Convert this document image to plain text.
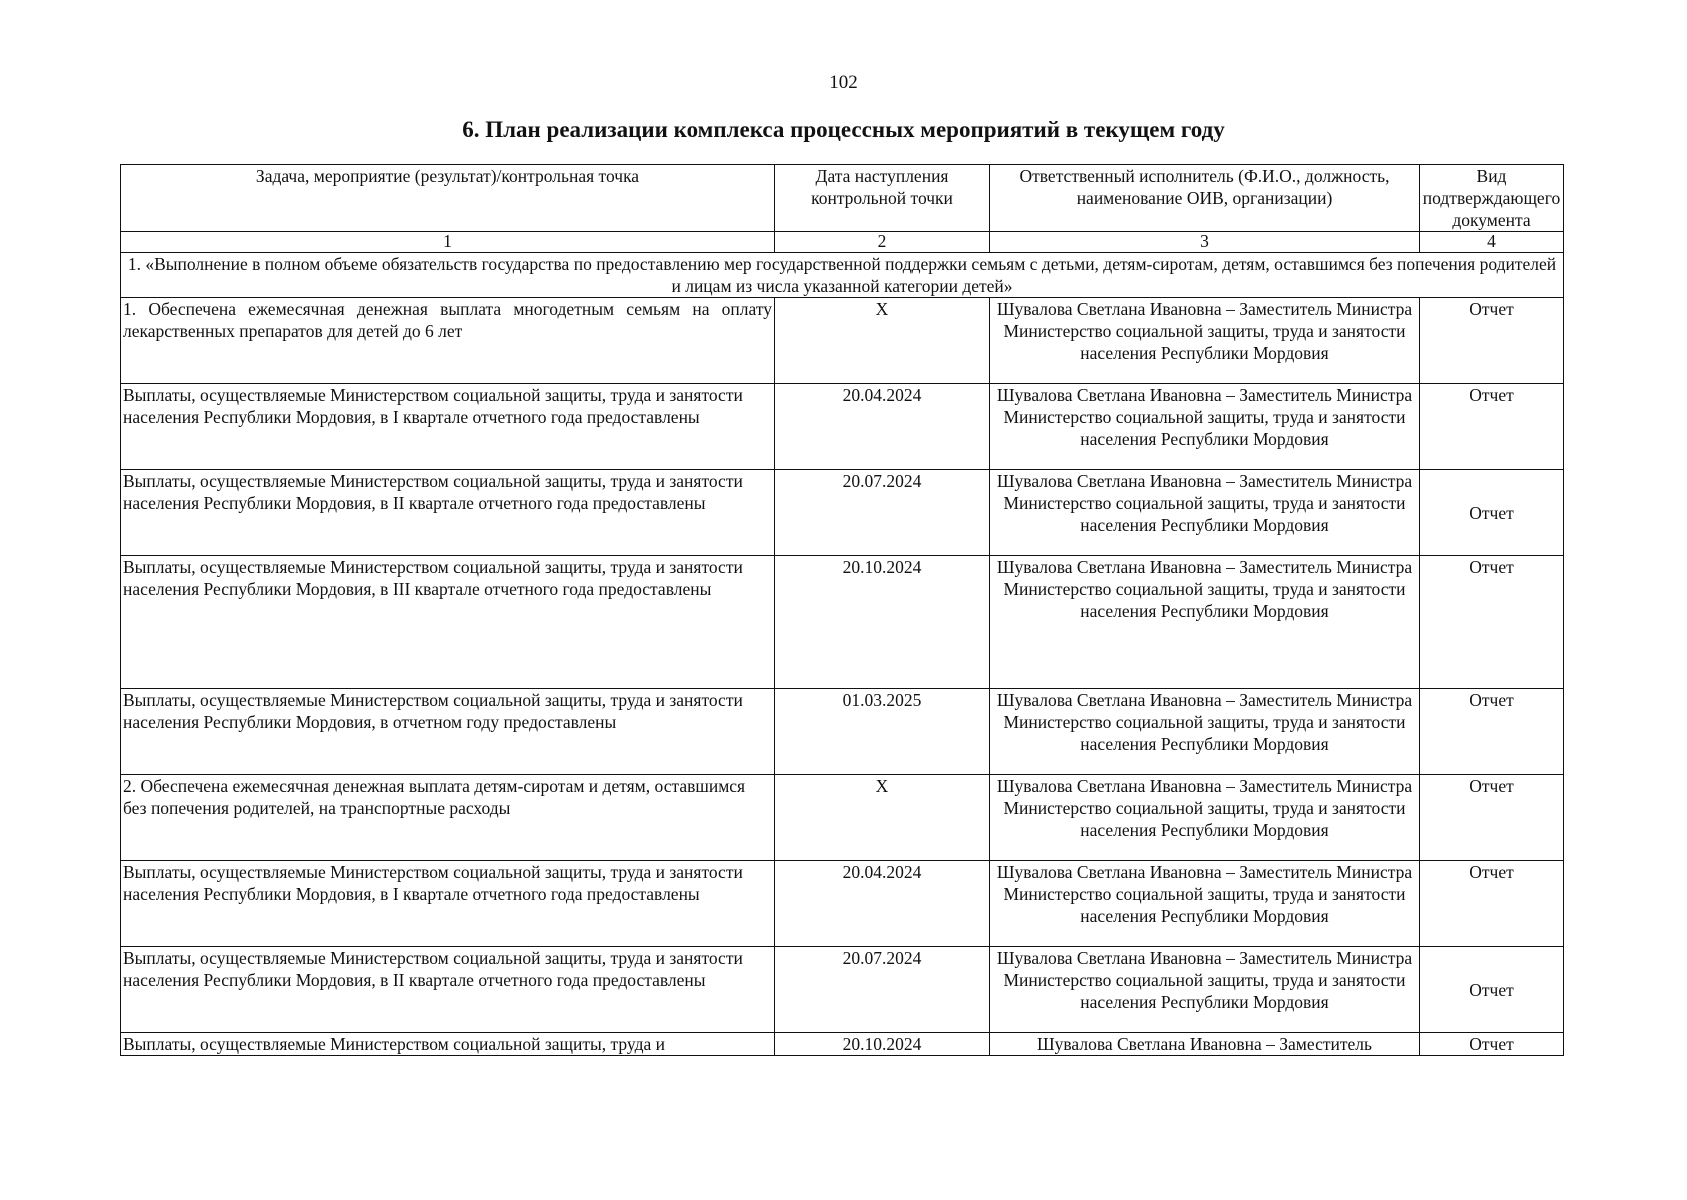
102
6. План реализации комплекса процессных мероприятий в текущем году
Задача, мероприятие (результат)/контрольная точка	Дата наступления контрольной точки	Ответственный исполнитель (Ф.И.О., должность, наименование ОИВ, организации)	Вид подтверждающего документа
1	2	3	4
1. «Выполнение в полном объеме обязательств государства по предоставлению мер государственной поддержки семьям с детьми, детям-сиротам, детям, оставшимся без попечения родителей и лицам из числа указанной категории детей»			
1. Обеспечена ежемесячная денежная выплата многодетным семьям на оплату лекарственных препаратов для детей до 6 лет	X	Шувалова Светлана Ивановна – Заместитель Министра Министерство социальной защиты, труда и занятости населения Республики Мордовия	Отчет
Выплаты, осуществляемые Министерством социальной защиты, труда и занятости населения Республики Мордовия, в I квартале отчетного года предоставлены	20.04.2024	Шувалова Светлана Ивановна – Заместитель Министра Министерство социальной защиты, труда и занятости населения Республики Мордовия	Отчет
Выплаты, осуществляемые Министерством социальной защиты, труда и занятости населения Республики Мордовия, в II квартале отчетного года предоставлены	20.07.2024	Шувалова Светлана Ивановна – Заместитель Министра Министерство социальной защиты, труда и занятости населения Республики Мордовия	Отчет
Выплаты, осуществляемые Министерством социальной защиты, труда и занятости населения Республики Мордовия, в III квартале отчетного года предоставлены	20.10.2024	Шувалова Светлана Ивановна – Заместитель Министра Министерство социальной защиты, труда и занятости населения Республики Мордовия	Отчет
Выплаты, осуществляемые Министерством социальной защиты, труда и занятости населения Республики Мордовия, в отчетном году предоставлены	01.03.2025	Шувалова Светлана Ивановна – Заместитель Министра Министерство социальной защиты, труда и занятости населения Республики Мордовия	Отчет
2. Обеспечена ежемесячная денежная выплата детям-сиротам и детям, оставшимся без попечения родителей, на транспортные расходы	X	Шувалова Светлана Ивановна – Заместитель Министра Министерство социальной защиты, труда и занятости населения Республики Мордовия	Отчет
Выплаты, осуществляемые Министерством социальной защиты, труда и занятости населения Республики Мордовия, в I квартале отчетного года предоставлены	20.04.2024	Шувалова Светлана Ивановна – Заместитель Министра Министерство социальной защиты, труда и занятости населения Республики Мордовия	Отчет
Выплаты, осуществляемые Министерством социальной защиты, труда и занятости населения Республики Мордовия, в II квартале отчетного года предоставлены	20.07.2024	Шувалова Светлана Ивановна – Заместитель Министра Министерство социальной защиты, труда и занятости населения Республики Мордовия	Отчет
Выплаты, осуществляемые Министерством социальной защиты, труда и	20.10.2024	Шувалова Светлана Ивановна – Заместитель	Отчет
